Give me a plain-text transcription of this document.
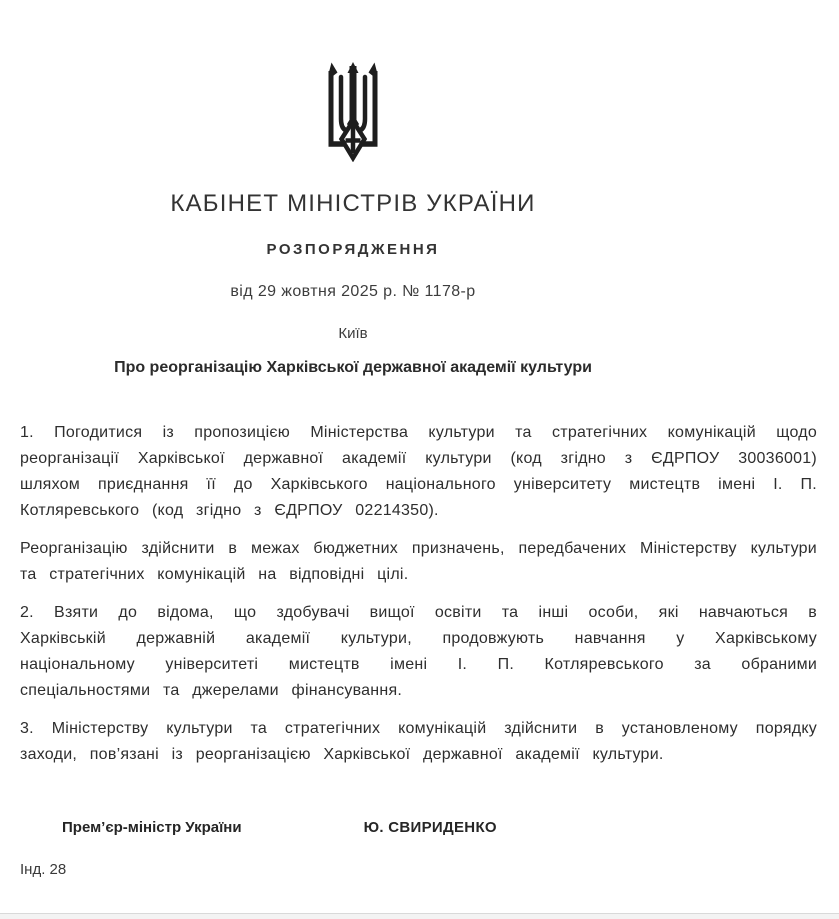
КАБІНЕТ МІНІСТРІВ УКРАЇНИ
РОЗПОРЯДЖЕННЯ
від 29 жовтня 2025 р. № 1178-р
Київ
Про реорганізацію Харківської державної академії культури

1. Погодитися із пропозицією Міністерства культури та стратегічних комунікацій щодо реорганізації Харківської державної академії культури (код згідно з ЄДРПОУ 30036001) шляхом приєднання її до Харківського національного університету мистецтв імені І. П. Котляревського (код згідно з ЄДРПОУ 02214350).

Реорганізацію здійснити в межах бюджетних призначень, передбачених Міністерству культури та стратегічних комунікацій на відповідні цілі.

2. Взяти до відома, що здобувачі вищої освіти та інші особи, які навчаються в Харківській державній академії культури, продовжують навчання у Харківському національному університеті мистецтв імені І. П. Котляревського за обраними спеціальностями та джерелами фінансування.

3. Міністерству культури та стратегічних комунікацій здійснити в установленому порядку заходи, пов’язані із реорганізацією Харківської державної академії культури.

Прем’єр-міністр України	Ю. СВИРИДЕНКО
Інд. 28
